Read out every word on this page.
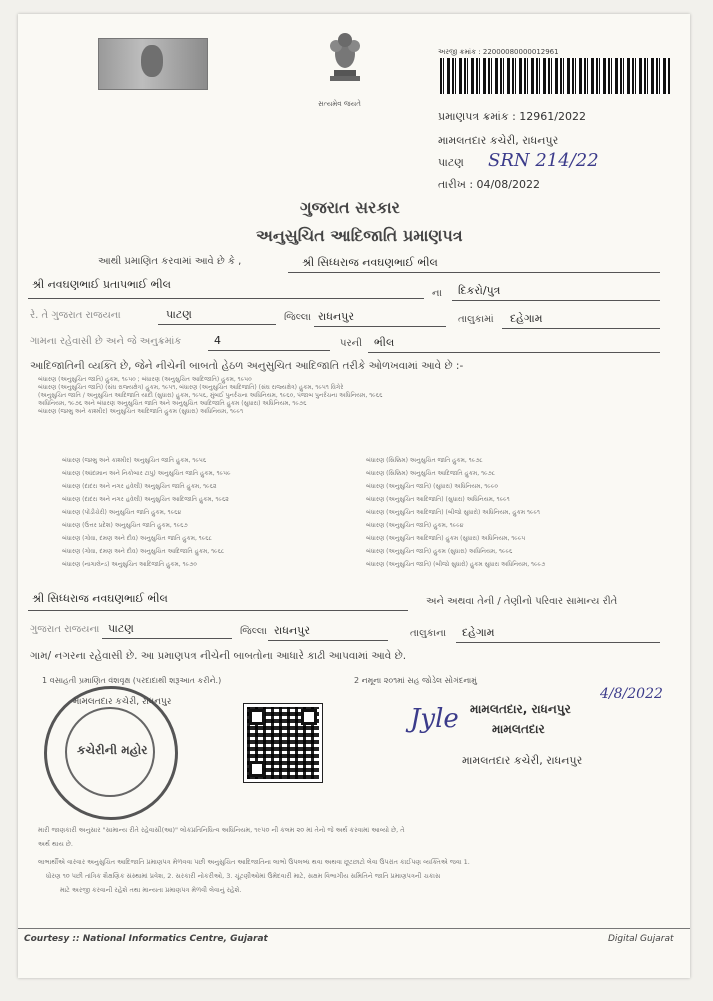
સત્યમેવ જયતે
અરજી ક્રમાંક : 22000080000012961
પ્રમાણપત્ર ક્રમાંક : 12961/2022
મામલતદાર કચેરી, રાધનપુર
પાટણ SRN 214/22
તારીખ : 04/08/2022
ગુજરાત સરકાર
અનુસુચિત આદિજાતિ પ્રમાણપત્ર
આથી પ્રમાણિત કરવામાં આવે છે કે ,	શ્રી સિધ્ધરાજ નવઘણભાઈ ભીલ
શ્રી નવઘણભાઈ પ્રતાપભાઈ ભીલ
ના દિકરો/પુત્ર
રે. તે ગુજરાત રાજયના	પાટણ	જિલ્લા રાધનપુર	તાલુકામાં દહેગામ
ગામના રહેવાસી છે અને જે અનુક્રમાંક	4	પરની ભીલ
આદિજાતિની વ્યક્તિ છે, જેને નીચેની બાબતો હેઠળ અનુસુચિત આદિજાતિ તરીકે ઓળખવામાં આવે છે :-
બંધારણ (અનુસુચિત જાતિ) હુકમ, ૧૯૫૦ ; બંધારણ (અનુસુચિત આદિજાતિ) હુકમ, ૧૯૫૦
બંધારણ (અનુસુચિત જાતિ) (સંઘ રાજ્યક્ષેત્ર) હુકમ, ૧૯૫૧, બંધારણ (અનુસુચિત આદિજાતિ) (સંઘ રાજ્યક્ષેત્ર) હુકમ, ૧૯૫૧ વિગેરે
(અનુસુચિત જાતિ / અનુસુચિત આદિજાતિ યાદી (સુધારા) હુકમ, ૧૯૫૬, મુંબઈ પુનર્રચના અધિનિયમ, ૧૯૬૦, પંજાબ પુનર્રચના અધિનિયમ, ૧૯૬૬
અધિનિયમ, ૧૯૭૬ અને બંધારણ અનુસુચિત જાતિ અને અનુસુચિત આદિજાતિ હુકમ (સુધારા) અધિનિયમ, ૧૯૭૬
બંધારણ (જમ્મુ અને કાશ્મીર) અનુસુચિત આદિજાતિ હુકમ (સુધારા) અધિનિયમ, ૧૯૯૧
બંધારણ (જમ્મુ અને કાશ્મીર) અનુસુચિત જાતિ હુકમ, ૧૯૫૬
બંધારણ (આંદામાન અને નિકોબાર ટાપુ) અનુસુચિત જાતિ હુકમ, ૧૯૫૯
બંધારણ (દાદરા અને નગર હવેલી) અનુસુચિત જાતિ હુકમ, ૧૯૬૨
બંધારણ (દાદરા અને નગર હવેલી) અનુસુચિત આદિજાતિ હુકમ, ૧૯૬૨
બંધારણ (પોંડીચેરી) અનુસુચિત જાતિ હુકમ, ૧૯૬૪
બંધારણ (ઉત્તર પ્રદેશ) અનુસુચિત જાતિ હુકમ, ૧૯૬૭
બંધારણ (ગોવા, દમણ અને દીવ) અનુસુચિત જાતિ હુકમ, ૧૯૬૮
બંધારણ (ગોવા, દમણ અને દીવ) અનુસુચિત આદિજાતિ હુકમ, ૧૯૬૮
બંધારણ (નાગાલેન્ડ) અનુસુચિત આદિજાતિ હુકમ, ૧૯૭૦
બંધારણ (સિક્કિમ) અનુસુચિત જાતિ હુકમ, ૧૯૭૮
બંધારણ (સિક્કિમ) અનુસુચિત આદિજાતિ હુકમ, ૧૯૭૮
બંધારણ (અનુસુચિત જાતિ) (સુધારા) અધિનિયમ, ૧૯૯૦
બંધારણ (અનુસુચિત આદિજાતિ) (સુધારા) અધિનિયમ, ૧૯૯૧
બંધારણ (અનુસુચિત આદિજાતિ) (બીજો સુધારો) અધિનિયમ, હુકમ ૧૯૯૧
બંધારણ (અનુસુચિત જાતિ) હુકમ, ૧૯૯૪
બંધારણ (અનુસુચિત આદિજાતિ) હુકમ (સુધારા) અધિનિયમ, ૧૯૯૫
બંધારણ (અનુસુચિત જાતિ) હુકમ (સુધારા) અધિનિયમ, ૧૯૯૬
બંધારણ (અનુસુચિત જાતિ) (બીજો સુધારો) હુકમ સુધારા અધિનિયમ, ૧૯૯૭
શ્રી સિધ્ધરાજ નવઘણભાઈ ભીલ	અને અથવા તેની / તેણીનો પરિવાર સામાન્ય રીતે
ગુજરાત રાજયના પાટણ	જિલ્લા રાધનપુર	તાલુકાના દહેગામ
ગામ/ નગરના રહેવાસી છે. આ પ્રમાણપત્ર નીચેની બાબતોના આધારે કાઢી આપવામાં આવે છે.
1 વસાહતી પ્રમાણિત વંશવૃક્ષ (પરદાદાથી શરૂઆત કરીને.)	2 નમૂના ૨૦૧માં સહ જોડેલ સોગંદનામું
4/8/2022
મામલતદાર કચેરી, રાધનપુર
કચેરીની મહોર
Jyle મામલતદાર, રાધનપુર
મામલતદાર
મામલતદાર કચેરી, રાધનપુર
મારી જાણકારી અનુસાર "સામાન્ય રીતે રહેવાસી(આ)" લોકપ્રતિનિધિત્વ અધિનિયમ, ૧૯૫૦ ની કલમ ૨૦ માં તેનો જે અર્થ કરવામાં આવ્યો છે, તે
અર્થ થાય છે.
લાભાર્થીએ વારંવાર અનુસુચિત આદિજાતિ પ્રમાણપત્ર મેળવવા પછી અનુસુચિત આદિજાતિના લાભો ઉપલબ્ધ થવા અથવા છૂટછાટો લેવા ઉપરાંત કાઈપણ વ્યક્તિએ જવા 1.
ધોરણ ૧૦ પછી તાંત્રિક શૈક્ષણિક સંસ્થામાં પ્રવેશ, 2. સરકારી નોકરીઓ, 3. ચૂંટણીઓમાં ઉમેદવારી માટે, સક્ષમ વિભાગીય સમિતિને જાતિ પ્રમાણપત્રની ચકાસ
માટે અરજી કરવાની રહેશે તથા માન્યતા પ્રમાણપત્ર મેળવી લેવાનું રહેશે.
Courtesy :: National Informatics Centre, Gujarat	Digital Gujarat
